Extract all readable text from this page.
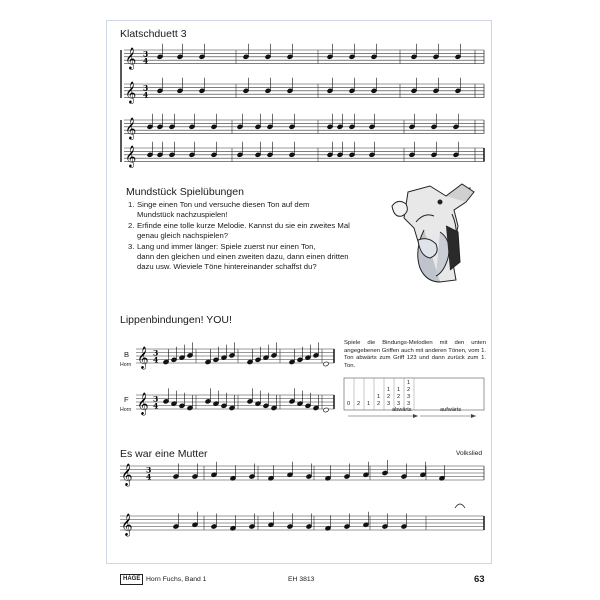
Klatschduett 3
Mundstück Spielübungen
Lippenbindungen! YOU!
Es war eine Mutter	Volkslied
1. Singe einen Ton und versuche diesen Ton auf dem
Mundstück nachzuspielen!
2. Erfinde eine tolle kurze Melodie. Kannst du sie ein zweites Mal
genau gleich nachspielen?
3. Lang und immer länger: Spiele zuerst nur einen Ton,
dann den gleichen und einen zweiten dazu, dann einen dritten
dazu usw. Wieviele Töne hintereinander schaffst du?
Spiele die Bindungs-Melodien mit den unten angegebenen Griffen auch mit anderen Tönen, vom 1. Ton abwärts zum Griff 123 und dann zurück zum 1. Ton.
B
Horn
F
Horn
𝄞 3
4
𝄞 3
4
𝄞
𝄞
𝄞 3
4
𝄞 3
4
𝄞 3
4
𝄞
1
1 1 2
1 2 2 3
0 2 1 2 3 3 3
abwärts	aufwärts
HAGE Horn Fuchs, Band 1	EH 3813	63
